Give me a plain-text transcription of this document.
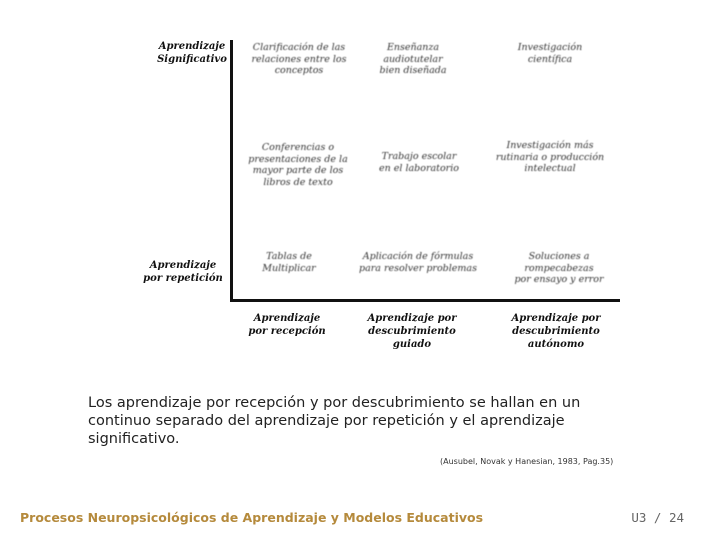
Aprendizaje
Significativo
Aprendizaje
por repetición
Clarificación de las
relaciones entre los
conceptos
Enseñanza
audiotutelar
bien diseñada
Investigación
científica
Conferencias o
presentaciones de la
mayor parte de los
libros de texto
Trabajo escolar
en el laboratorio
Investigación más
rutinaria o producción
intelectual
Tablas de
Multiplicar
Aplicación de fórmulas
para resolver problemas
Soluciones a rompecabezas
por ensayo y error
Aprendizaje
por recepción
Aprendizaje por
descubrimiento guiado
Aprendizaje por
descubrimiento autónomo
Los aprendizaje por recepción y por descubrimiento se hallan en un continuo separado del aprendizaje por repetición y el aprendizaje significativo.
(Ausubel, Novak y Hanesian, 1983, Pag.35)
Procesos Neuropsicológicos de Aprendizaje y Modelos Educativos	U3 / 24
